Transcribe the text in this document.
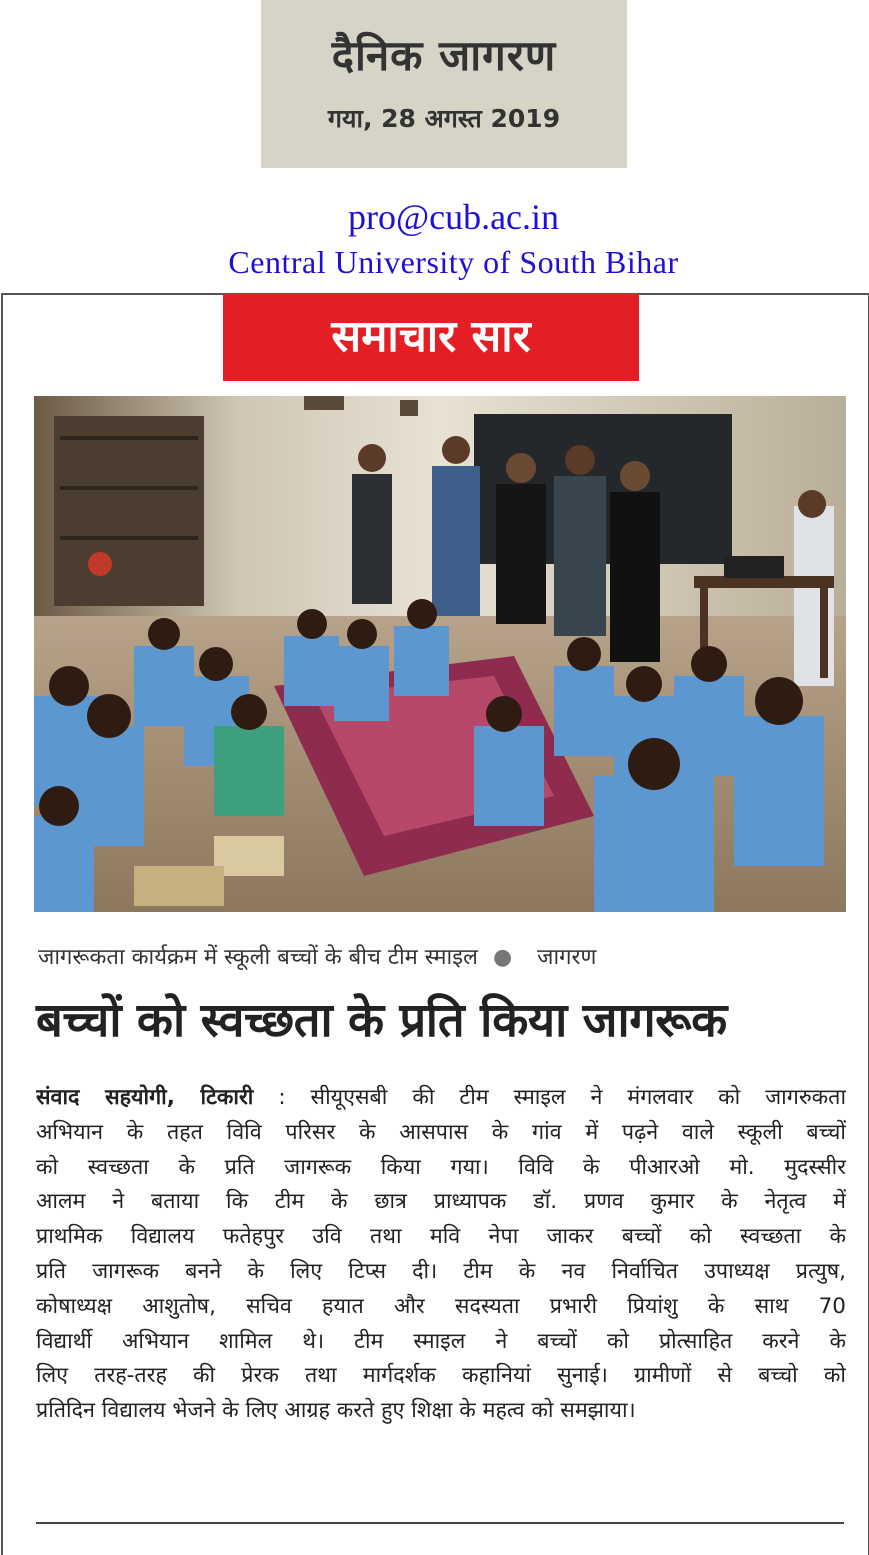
दैनिक जागरण
गया, 28 अगस्त 2019
pro@cub.ac.in
Central University of South Bihar
समाचार सार
जागरूकता कार्यक्रम में स्कूली बच्चों के बीच टीम स्माइल ● जागरण
बच्चों को स्वच्छता के प्रति किया जागरूक

संवाद सहयोगी, टिकारी : सीयूएसबी की टीम स्माइल ने मंगलवार को जागरुकता

अभियान के तहत विवि परिसर के आसपास के गांव में पढ़ने वाले स्कूली बच्चों

को स्वच्छता के प्रति जागरूक किया गया। विवि के पीआरओ मो. मुदस्सीर

आलम ने बताया कि टीम के छात्र प्राध्यापक डॉ. प्रणव कुमार के नेतृत्व में

प्राथमिक विद्यालय फतेहपुर उवि तथा मवि नेपा जाकर बच्चों को स्वच्छता के

प्रति जागरूक बनने के लिए टिप्स दी। टीम के नव निर्वाचित उपाध्यक्ष प्रत्युष,

कोषाध्यक्ष आशुतोष, सचिव हयात और सदस्यता प्रभारी प्रियांशु के साथ 70

विद्यार्थी अभियान शामिल थे। टीम स्माइल ने बच्चों को प्रोत्साहित करने के

लिए तरह-तरह की प्रेरक तथा मार्गदर्शक कहानियां सुनाई। ग्रामीणों से बच्चो को

प्रतिदिन विद्यालय भेजने के लिए आग्रह करते हुए शिक्षा के महत्व को समझाया।
